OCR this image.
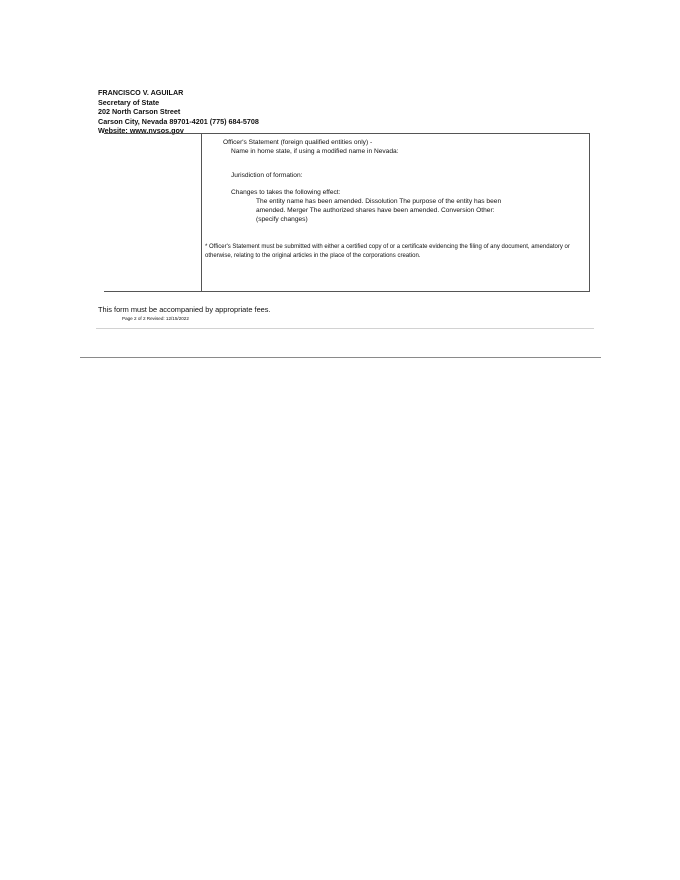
FRANCISCO V. AGUILAR
Secretary of State
202 North Carson Street
Carson City, Nevada 89701-4201 (775) 684-5708
Website: www.nvsos.gov
Officer's Statement (foreign qualified entities only) -
Name in home state, if using a modified name in Nevada:
Jurisdiction of formation:
Changes to takes the following effect:
The entity name has been amended. Dissolution The purpose of the entity has been amended. Merger The authorized shares have been amended. Conversion Other: (specify changes)
* Officer's Statement must be submitted with either a certified copy of or a certificate evidencing the filing of any document, amendatory or otherwise, relating to the original articles in the place of the corporations creation.
This form must be accompanied by appropriate fees.
Page 2 of 2 Revised: 12/15/2022
